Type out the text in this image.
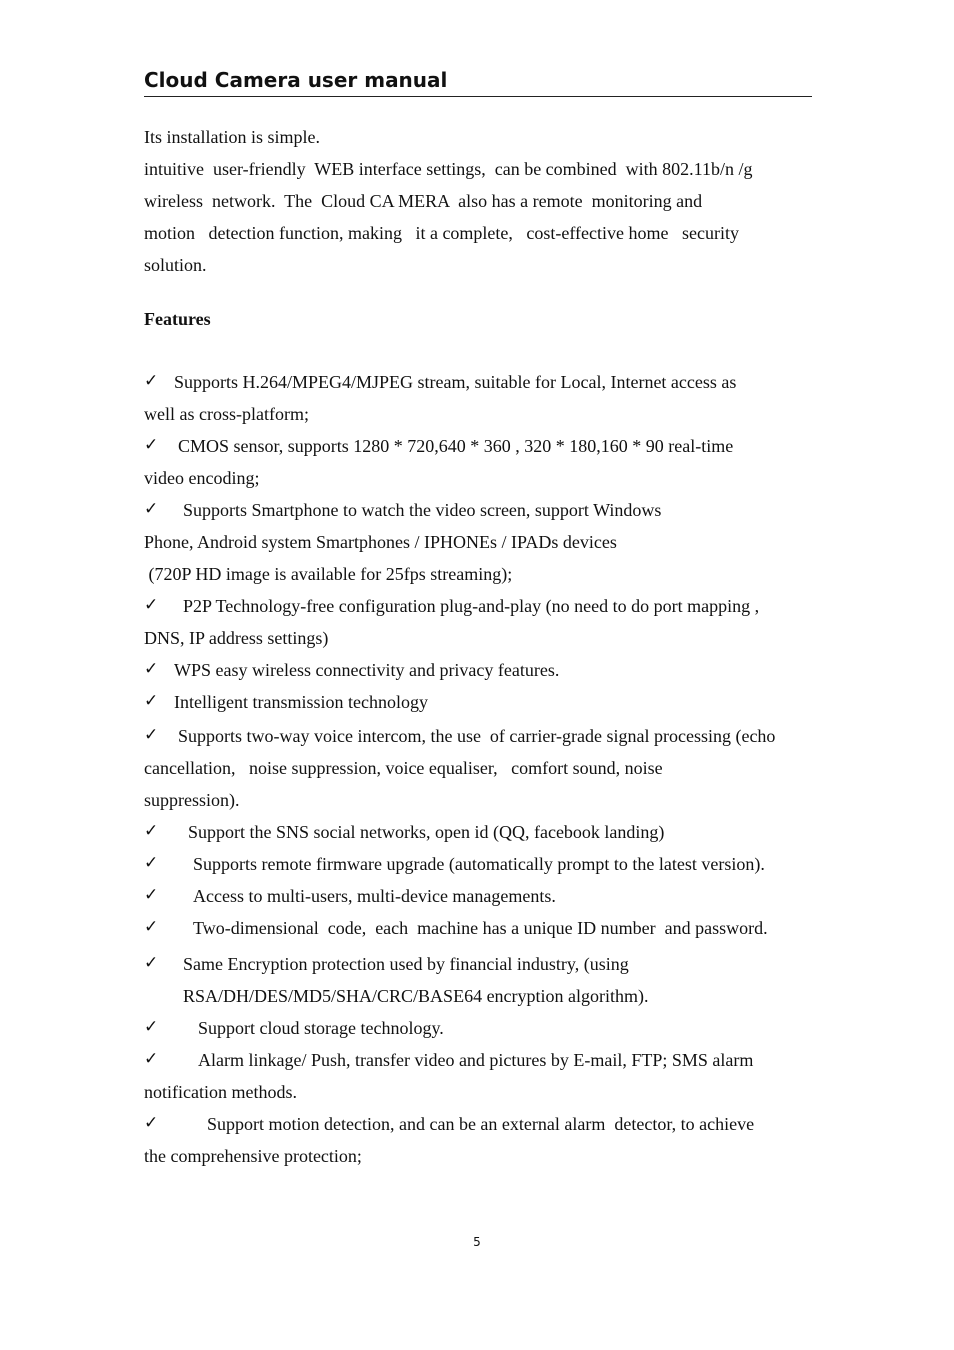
Cloud Camera user manual
Its installation is simple.
intuitive  user-friendly  WEB interface settings,  can be combined  with 802.11b/n /g
wireless  network.  The  Cloud CA MERA  also has a remote  monitoring and
motion   detection function, making   it a complete,   cost-effective home   security
solution.
Features
✓ Supports H.264/MPEG4/MJPEG stream, suitable for Local, Internet access as
well as cross-platform;
✓ CMOS sensor, supports 1280 * 720,640 * 360 , 320 * 180,160 * 90 real-time
video encoding;
✓ Supports Smartphone to watch the video screen, support Windows
Phone, Android system Smartphones / IPHONEs / IPADs devices
(720P HD image is available for 25fps streaming);
✓ P2P Technology-free configuration plug-and-play (no need to do port mapping ,
DNS, IP address settings)
✓ WPS easy wireless connectivity and privacy features.
✓ Intelligent transmission technology
✓ Supports two-way voice intercom, the use  of carrier-grade signal processing (echo
cancellation,   noise suppression, voice equaliser,   comfort sound, noise
suppression).
✓ Support the SNS social networks, open id (QQ, facebook landing)
✓ Supports remote firmware upgrade (automatically prompt to the latest version).
✓ Access to multi-users, multi-device managements.
✓ Two-dimensional  code,  each  machine has a unique ID number  and password.
✓ Same Encryption protection used by financial industry, (using
RSA/DH/DES/MD5/SHA/CRC/BASE64 encryption algorithm).
✓ Support cloud storage technology.
✓ Alarm linkage/ Push, transfer video and pictures by E-mail, FTP; SMS alarm
notification methods.
✓	Support motion detection, and can be an external alarm  detector, to achieve
the comprehensive protection;
5
